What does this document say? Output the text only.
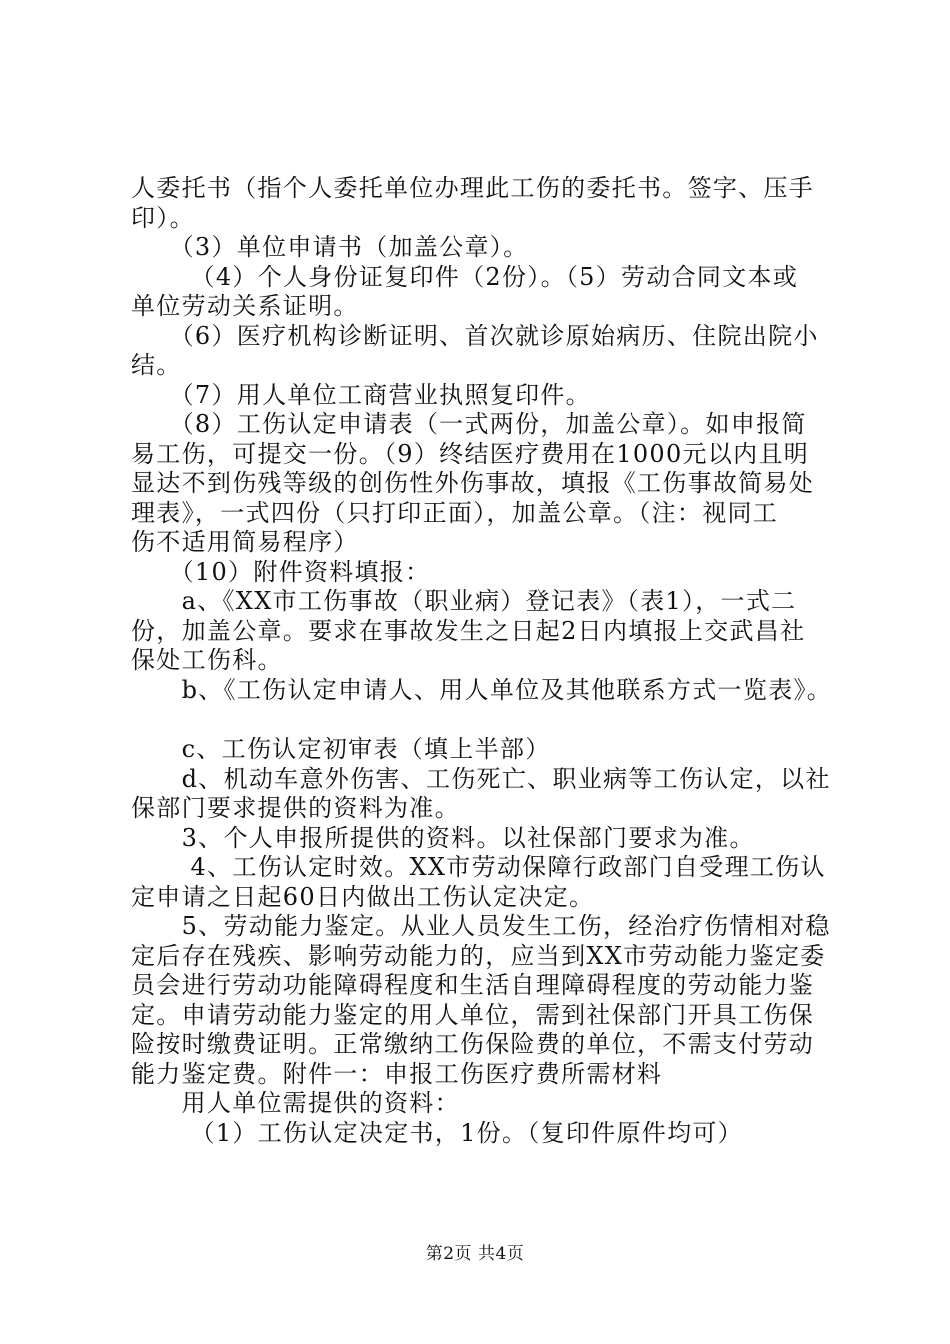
人委托书（指个人委托单位办理此工伤的委托书。签字、压手
印）。
　　（3）单位申请书（加盖公章）。
　　 （4）个人身份证复印件（2份）。（5）劳动合同文本或
单位劳动关系证明。
　　（6）医疗机构诊断证明、首次就诊原始病历、住院出院小
结。
　　（7）用人单位工商营业执照复印件。
　　（8）工伤认定申请表（一式两份，加盖公章）。如申报简
易工伤，可提交一份。（9）终结医疗费用在1000元以内且明
显达不到伤残等级的创伤性外伤事故，填报《工伤事故简易处
理表》，一式四份（只打印正面），加盖公章。（注：视同工
伤不适用简易程序）
　　（10）附件资料填报：
　　a、《XX市工伤事故（职业病）登记表》（表1），一式二
份，加盖公章。要求在事故发生之日起2日内填报上交武昌社
保处工伤科。
　　b、《工伤认定申请人、用人单位及其他联系方式一览表》。
　　c、工伤认定初审表（填上半部）
　　d、机动车意外伤害、工伤死亡、职业病等工伤认定，以社
保部门要求提供的资料为准。
　　3、个人申报所提供的资料。以社保部门要求为准。
　　 4、工伤认定时效。XX市劳动保障行政部门自受理工伤认
定申请之日起60日内做出工伤认定决定。
　　5、劳动能力鉴定。从业人员发生工伤，经治疗伤情相对稳
定后存在残疾、影响劳动能力的，应当到XX市劳动能力鉴定委
员会进行劳动功能障碍程度和生活自理障碍程度的劳动能力鉴
定。申请劳动能力鉴定的用人单位，需到社保部门开具工伤保
险按时缴费证明。正常缴纳工伤保险费的单位，不需支付劳动
能力鉴定费。附件一：申报工伤医疗费所需材料
　　用人单位需提供的资料：
　　 （1）工伤认定决定书，1份。（复印件原件均可）
第2页 共4页
